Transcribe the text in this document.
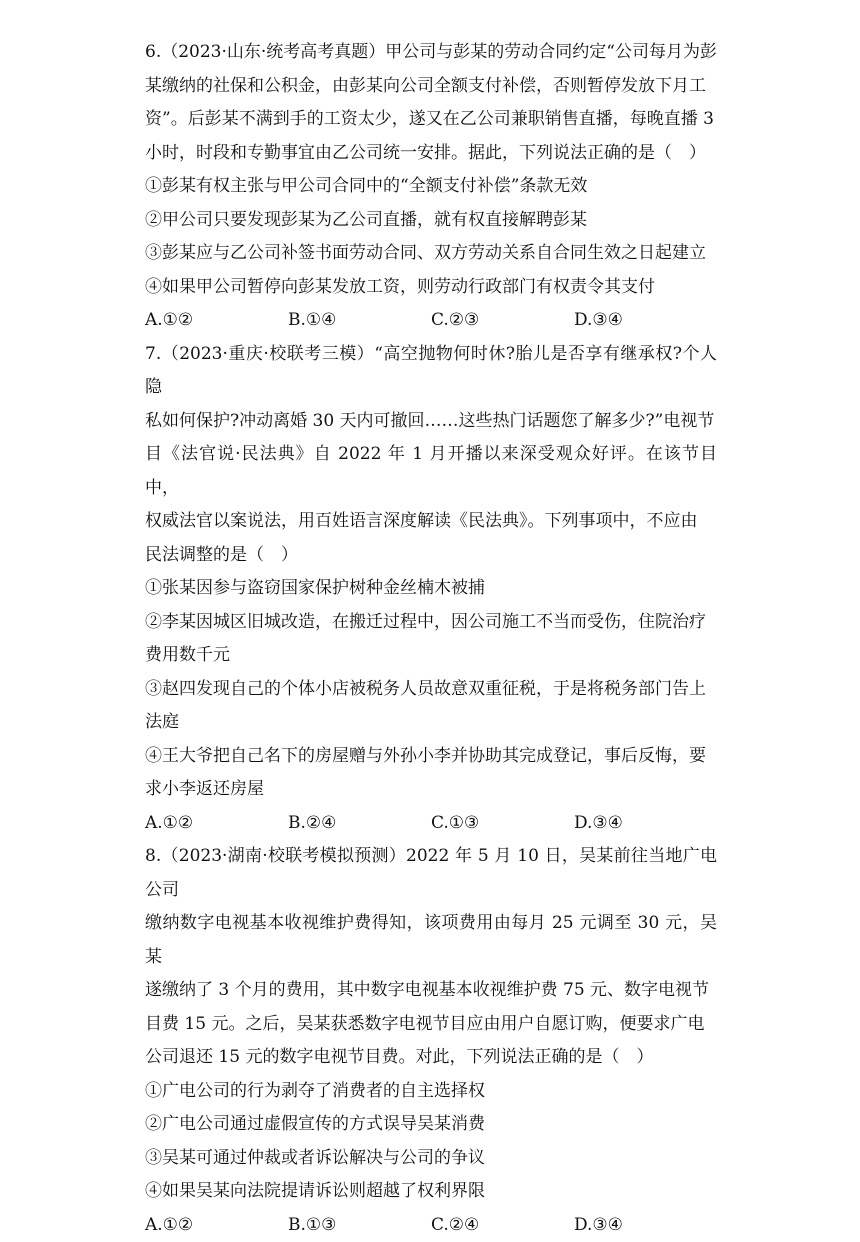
6.（2023·山东·统考高考真题）甲公司与彭某的劳动合同约定“公司每月为彭

某缴纳的社保和公积金，由彭某向公司全额支付补偿，否则暂停发放下月工

资”。后彭某不满到手的工资太少，遂又在乙公司兼职销售直播，每晚直播 3

小时，时段和专勤事宜由乙公司统一安排。据此，下列说法正确的是（　）

①彭某有权主张与甲公司合同中的“全额支付补偿”条款无效

②甲公司只要发现彭某为乙公司直播，就有权直接解聘彭某

③彭某应与乙公司补签书面劳动合同、双方劳动关系自合同生效之日起建立

④如果甲公司暂停向彭某发放工资，则劳动行政部门有权责令其支付

A.①②	B.①④	C.②③	D.③④

7.（2023·重庆·校联考三模）“高空抛物何时休?胎儿是否享有继承权?个人隐

私如何保护?冲动离婚 30 天内可撤回……这些热门话题您了解多少?”电视节

目《法官说·民法典》自 2022 年 1 月开播以来深受观众好评。在该节目中，

权威法官以案说法，用百姓语言深度解读《民法典》。下列事项中，不应由

民法调整的是（　）

①张某因参与盗窃国家保护树种金丝楠木被捕

②李某因城区旧城改造，在搬迁过程中，因公司施工不当而受伤，住院治疗

费用数千元

③赵四发现自己的个体小店被税务人员故意双重征税，于是将税务部门告上

法庭

④王大爷把自己名下的房屋赠与外孙小李并协助其完成登记，事后反悔，要

求小李返还房屋

A.①②	B.②④	C.①③	D.③④

8.（2023·湖南·校联考模拟预测）2022 年 5 月 10 日，吴某前往当地广电公司

缴纳数字电视基本收视维护费得知，该项费用由每月 25 元调至 30 元，吴某

遂缴纳了 3 个月的费用，其中数字电视基本收视维护费 75 元、数字电视节

目费 15 元。之后，吴某获悉数字电视节目应由用户自愿订购，便要求广电

公司退还 15 元的数字电视节目费。对此，下列说法正确的是（　）

①广电公司的行为剥夺了消费者的自主选择权

②广电公司通过虚假宣传的方式误导吴某消费

③吴某可通过仲裁或者诉讼解决与公司的争议

④如果吴某向法院提请诉讼则超越了权利界限

A.①②	B.①③	C.②④	D.③④
